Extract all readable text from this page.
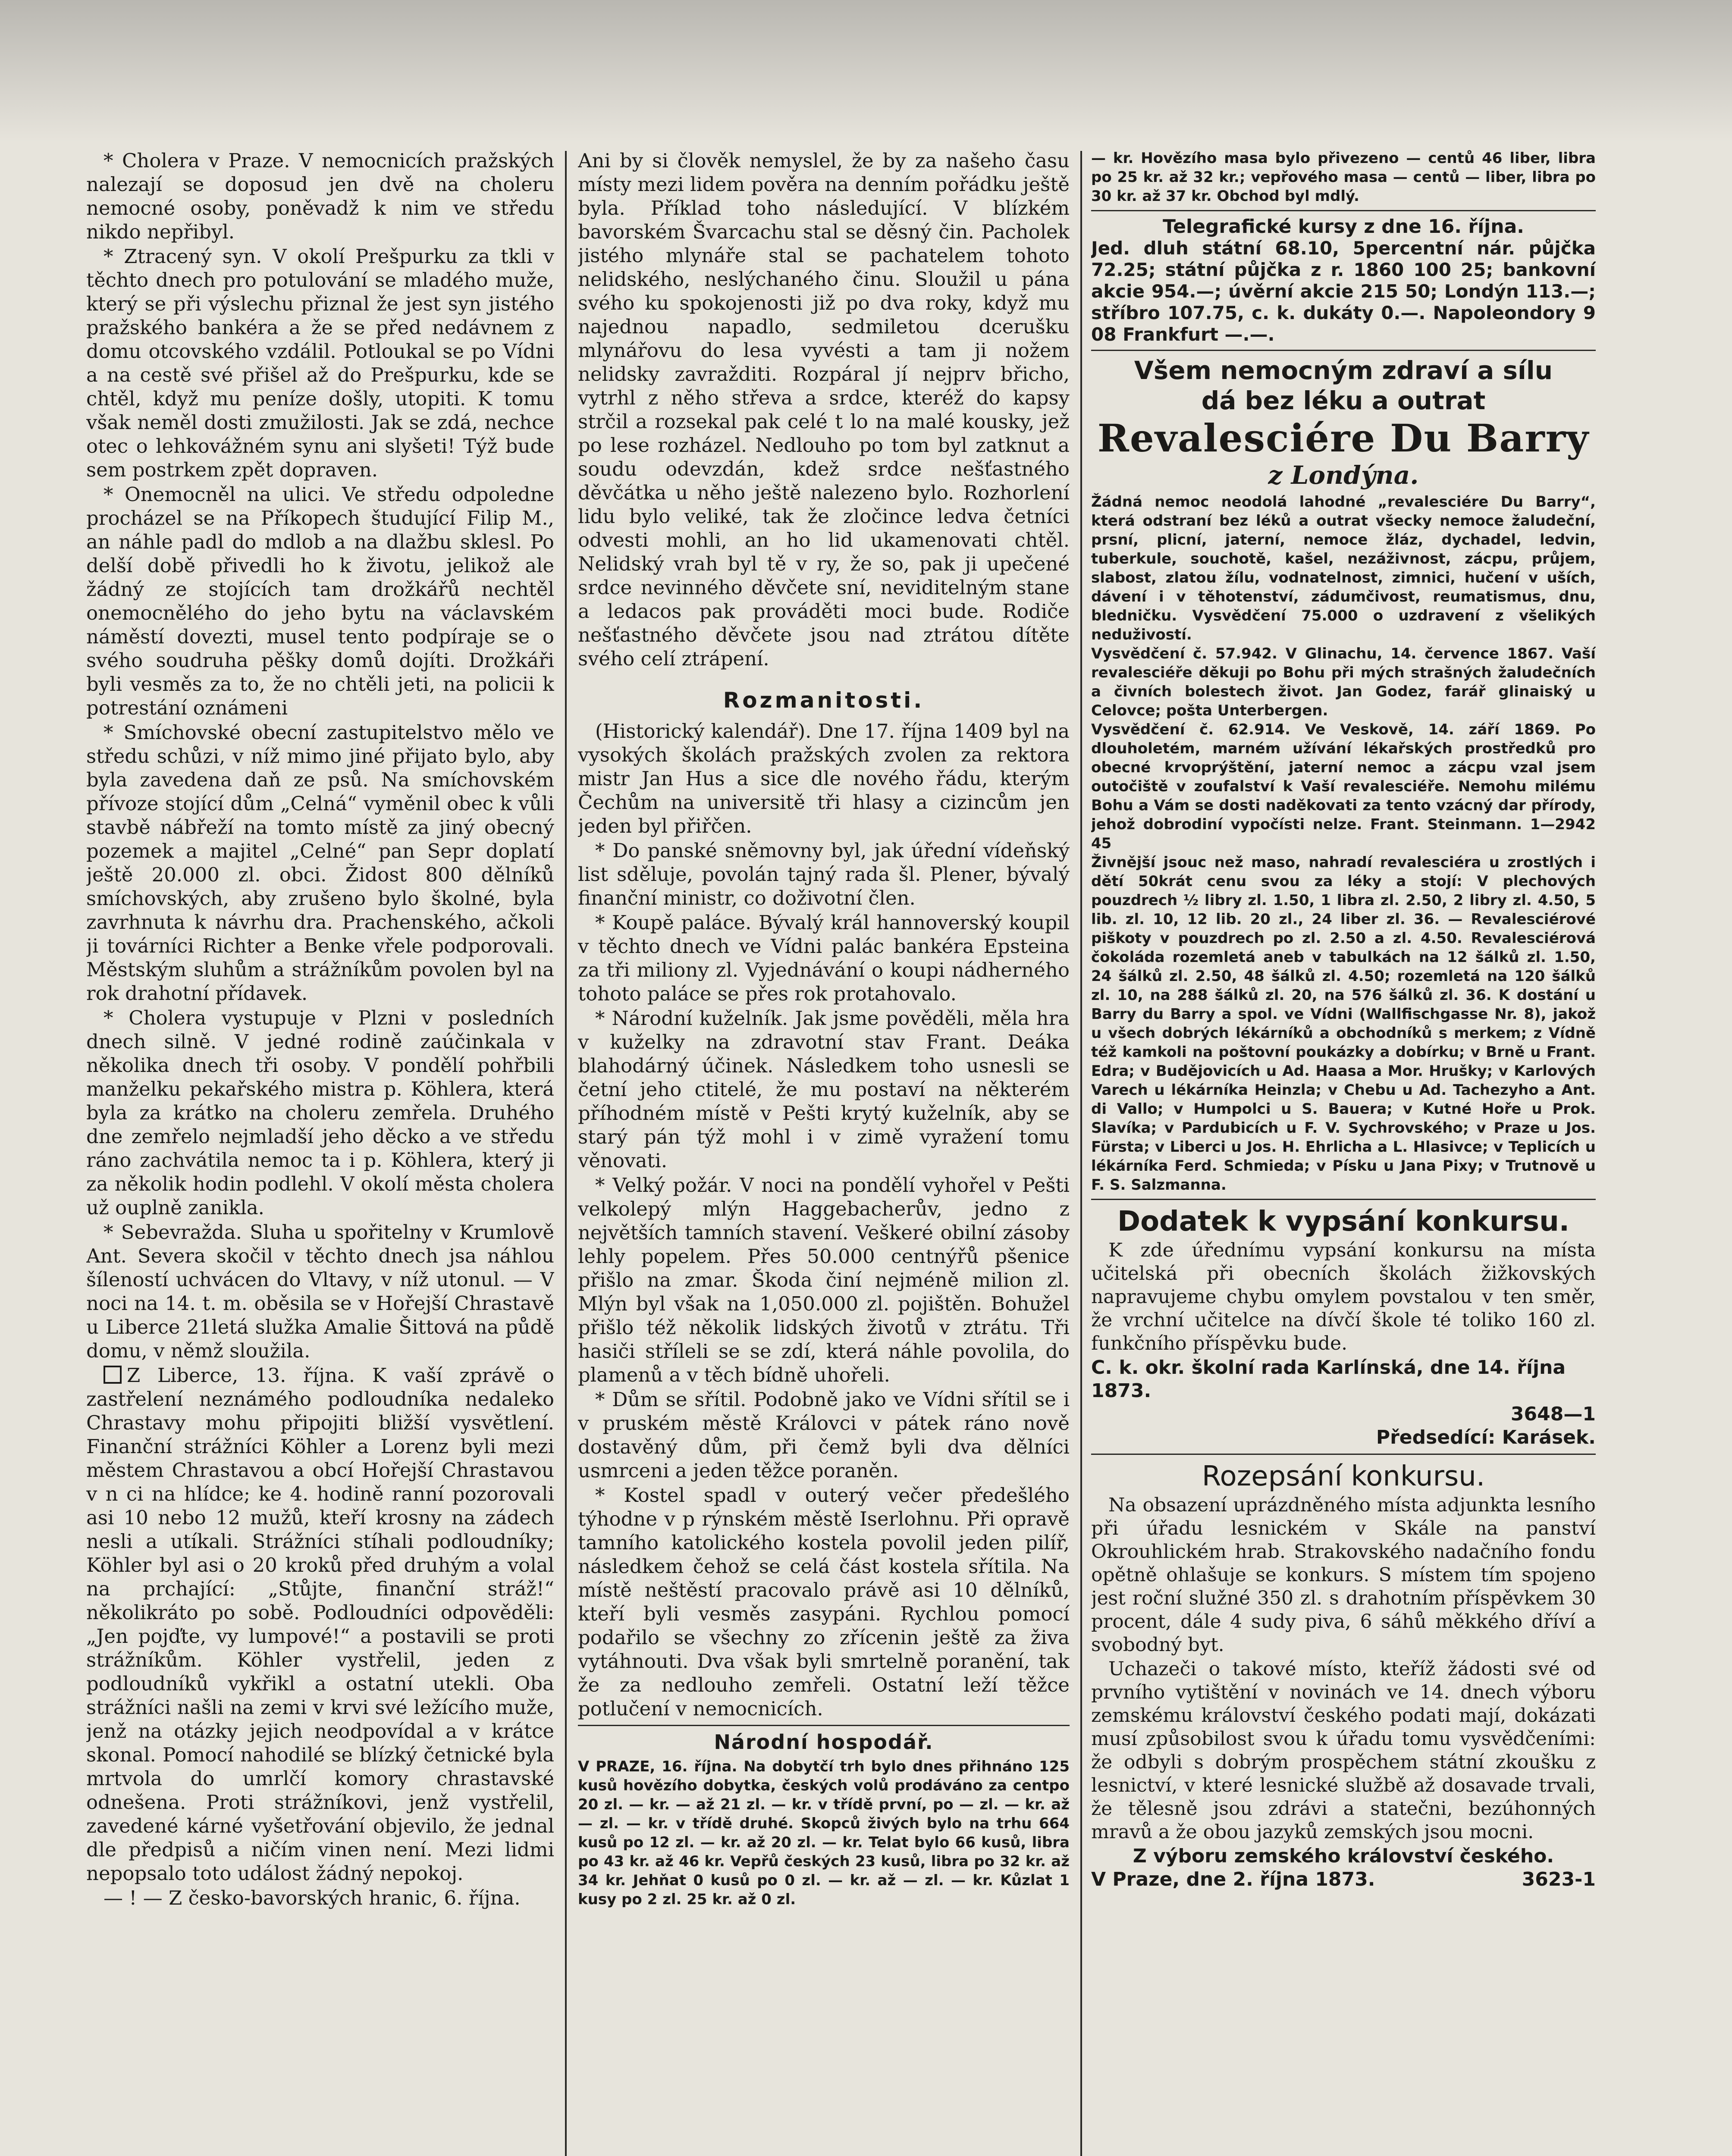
* Cholera v Praze. V nemocnicích pražských nalezají se doposud jen dvě na choleru nemocné osoby, poněvadž k nim ve středu nikdo nepřibyl.

* Ztracený syn. V okolí Prešpurku za tkli v těchto dnech pro potulování se mladého muže, který se při výslechu přiznal že jest syn jistého pražského bankéra a že se před nedávnem z domu otcovského vzdálil. Potloukal se po Vídni a na cestě své přišel až do Prešpurku, kde se chtěl, když mu peníze došly, utopiti. K tomu však neměl dosti zmužilosti. Jak se zdá, nechce otec o lehkovážném synu ani slyšeti! Týž bude sem postrkem zpět dopraven.

* Onemocněl na ulici. Ve středu odpoledne procházel se na Příkopech študující Filip M., an náhle padl do mdlob a na dlažbu sklesl. Po delší době přivedli ho k životu, jelikož ale žádný ze stojících tam drožkářů nechtěl onemocnělého do jeho bytu na václavském náměstí dovezti, musel tento podpíraje se o svého soudruha pěšky domů dojíti. Drožkáři byli vesměs za to, že no chtěli jeti, na policii k potrestání oznámeni

* Smíchovské obecní zastupitelstvo mělo ve středu schůzi, v níž mimo jiné přijato bylo, aby byla zavedena daň ze psů. Na smíchovském přívoze stojící dům „Celná“ vyměnil obec k vůli stavbě nábřeží na tomto místě za jiný obecný pozemek a majitel „Celné“ pan Sepr doplatí ještě 20.000 zl. obci. Židost 800 dělníků smíchovských, aby zrušeno bylo školné, byla zavrhnuta k návrhu dra. Prachenského, ačkoli ji továrníci Richter a Benke vřele podporovali. Městským sluhům a strážníkům povolen byl na rok drahotní přídavek.

* Cholera vystupuje v Plzni v posledních dnech silně. V jedné rodině zaúčinkala v několika dnech tři osoby. V pondělí pohřbili manželku pekařského mistra p. Köhlera, která byla za krátko na choleru zemřela. Druhého dne zemřelo nejmladší jeho děcko a ve středu ráno zachvátila nemoc ta i p. Köhlera, který ji za několik hodin podlehl. V okolí města cholera už ouplně zanikla.

* Sebevražda. Sluha u spořitelny v Krumlově Ant. Severa skočil v těchto dnech jsa náhlou šíleností uchvácen do Vltavy, v níž utonul. — V noci na 14. t. m. oběsila se v Hořejší Chrastavě u Liberce 21letá služka Amalie Šittová na půdě domu, v němž sloužila.

Z Liberce, 13. října. K vaší zprávě o zastřelení neznámého podloudníka nedaleko Chrastavy mohu připojiti bližší vysvětlení. Finanční strážníci Köhler a Lorenz byli mezi městem Chrastavou a obcí Hořejší Chrastavou v n ci na hlídce; ke 4. hodině ranní pozorovali asi 10 nebo 12 mužů, kteří krosny na zádech nesli a utíkali. Strážníci stíhali podloudníky; Köhler byl asi o 20 kroků před druhým a volal na prchající: „Stůjte, finanční stráž!“ několikráto po sobě. Podloudníci odpověděli: „Jen pojďte, vy lumpové!“ a postavili se proti strážníkům. Köhler vystřelil, jeden z podloudníků vykřikl a ostatní utekli. Oba strážníci našli na zemi v krvi své ležícího muže, jenž na otázky jejich neodpovídal a v krátce skonal. Pomocí nahodilé se blízký četnické byla mrtvola do umrlčí komory chrastavské odnešena. Proti strážníkovi, jenž vystřelil, zavedené kárné vyšetřování objevilo, že jednal dle předpisů a ničím vinen není. Mezi lidmi nepopsalo toto událost žádný nepokoj.

— ! — Z česko-bavorských hranic, 6. října.

Ani by si člověk nemyslel, že by za našeho času místy mezi lidem pověra na denním pořádku ještě byla. Příklad toho následující. V blízkém bavorském Švarcachu stal se děsný čin. Pacholek jistého mlynáře stal se pachatelem tohoto nelidského, neslýchaného činu. Sloužil u pána svého ku spokojenosti již po dva roky, když mu najednou napadlo, sedmiletou dcerušku mlynářovu do lesa vyvésti a tam ji nožem nelidsky zavražditi. Rozpáral jí nejprv břicho, vytrhl z něho střeva a srdce, kteréž do kapsy strčil a rozsekal pak celé t lo na malé kousky, jež po lese rozházel. Nedlouho po tom byl zatknut a soudu odevzdán, kdež srdce nešťastného děvčátka u něho ještě nalezeno bylo. Rozhorlení lidu bylo veliké, tak že zločince ledva četníci odvesti mohli, an ho lid ukamenovati chtěl. Nelidský vrah byl tě v ry, že so, pak ji upečené srdce nevinného děvčete sní, neviditelným stane a ledacos pak prováděti moci bude. Rodiče nešťastného děvčete jsou nad ztrátou dítěte svého celí ztrápení.

Rozmanitosti.

(Historický kalendář). Dne 17. října 1409 byl na vysokých školách pražských zvolen za rektora mistr Jan Hus a sice dle nového řádu, kterým Čechům na universitě tři hlasy a cizincům jen jeden byl přiřčen.

* Do panské sněmovny byl, jak úřední vídeňský list sděluje, povolán tajný rada šl. Plener, bývalý finanční ministr, co doživotní člen.

* Koupě paláce. Bývalý král hannoverský koupil v těchto dnech ve Vídni palác bankéra Epsteina za tři miliony zl. Vyjednávání o koupi nádherného tohoto paláce se přes rok protahovalo.

* Národní kuželník. Jak jsme pověděli, měla hra v kuželky na zdravotní stav Frant. Deáka blahodárný účinek. Následkem toho usnesli se četní jeho ctitelé, že mu postaví na některém příhodném místě v Pešti krytý kuželník, aby se starý pán týž mohl i v zimě vyražení tomu věnovati.

* Velký požár. V noci na pondělí vyhořel v Pešti velkolepý mlýn Haggebacherův, jedno z největších tamních stavení. Veškeré obilní zásoby lehly popelem. Přes 50.000 centnýřů pšenice přišlo na zmar. Škoda činí nejméně milion zl. Mlýn byl však na 1,050.000 zl. pojištěn. Bohužel přišlo též několik lidských životů v ztrátu. Tři hasiči stříleli se se zdí, která náhle povolila, do plamenů a v těch bídně uhořeli.

* Dům se sřítil. Podobně jako ve Vídni sřítil se i v pruském městě Královci v pátek ráno nově dostavěný dům, při čemž byli dva dělníci usmrceni a jeden těžce poraněn.

* Kostel spadl v outerý večer předešlého týhodne v p rýnském městě Iserlohnu. Při opravě tamního katolického kostela povolil jeden pilíř, následkem čehož se celá část kostela sřítila. Na místě neštěstí pracovalo právě asi 10 dělníků, kteří byli vesměs zasypáni. Rychlou pomocí podařilo se všechny zo zřícenin ještě za živa vytáhnouti. Dva však byli smrtelně poranění, tak že za nedlouho zemřeli. Ostatní leží těžce potlučení v nemocnicích.

Národní hospodář.

V PRAZE, 16. října. Na dobytčí trh bylo dnes přihnáno 125 kusů hovězího dobytka, českých volů prodáváno za centpo 20 zl. — kr. — až 21 zl. — kr. v třídě první, po — zl. — kr. až — zl. — kr. v třídě druhé. Skopců živých bylo na trhu 664 kusů po 12 zl. — kr. až 20 zl. — kr. Telat bylo 66 kusů, libra po 43 kr. až 46 kr. Vepřů českých 23 kusů, libra po 32 kr. až 34 kr. Jehňat 0 kusů po 0 zl. — kr. až — zl. — kr. Kůzlat 1 kusy po 2 zl. 25 kr. až 0 zl.

— kr. Hovězího masa bylo přivezeno — centů 46 liber, libra po 25 kr. až 32 kr.; vepřového masa — centů — liber, libra po 30 kr. až 37 kr. Obchod byl mdlý.

Telegrafické kursy z dne 16. října.

Jed. dluh státní 68.10, 5percentní nár. půjčka 72.25; státní půjčka z r. 1860 100 25; bankovní akcie 954.—; úvěrní akcie 215 50; Londýn 113.—; stříbro 107.75, c. k. dukáty 0.—. Napoleondory 9 08 Frankfurt —.—.

Všem nemocným zdraví a sílu

dá bez léku a outrat

Revalesciére Du Barry

z Londýna.

Žádná nemoc neodolá lahodné „revalesciére Du Barry“, která odstraní bez léků a outrat všecky nemoce žaludeční, prsní, plicní, jaterní, nemoce žláz, dychadel, ledvin, tuberkule, souchotě, kašel, nezáživnost, zácpu, průjem, slabost, zlatou žílu, vodnatelnost, zimnici, hučení v uších, dávení i v těhotenství, zádumčivost, reumatismus, dnu, bledničku. Vysvědčení 75.000 o uzdravení z všelikých neduživostí.

Vysvědčení č. 57.942. V Glinachu, 14. července 1867. Vaší revalesciéře děkuji po Bohu při mých strašných žaludečních a čivních bolestech život. Jan Godez, farář glinaiský u Celovce; pošta Unterbergen.

Vysvědčení č. 62.914. Ve Veskově, 14. září 1869. Po dlouholetém, marném užívání lékařských prostředků pro obecné krvoprýštění, jaterní nemoc a zácpu vzal jsem outočiště v zoufalství k Vaší revalesciéře. Nemohu milému Bohu a Vám se dosti naděkovati za tento vzácný dar přírody, jehož dobrodiní vypočísti nelze. Frant. Steinmann. 1—2942 45

Živnější jsouc než maso, nahradí revalesciéra u zrostlých i dětí 50krát cenu svou za léky a stojí: V plechových pouzdrech ½ libry zl. 1.50, 1 libra zl. 2.50, 2 libry zl. 4.50, 5 lib. zl. 10, 12 lib. 20 zl., 24 liber zl. 36. — Revalesciérové piškoty v pouzdrech po zl. 2.50 a zl. 4.50. Revalesciérová čokoláda rozemletá aneb v tabulkách na 12 šálků zl. 1.50, 24 šálků zl. 2.50, 48 šálků zl. 4.50; rozemletá na 120 šálků zl. 10, na 288 šálků zl. 20, na 576 šálků zl. 36. K dostání u Barry du Barry a spol. ve Vídni (Wallfischgasse Nr. 8), jakož u všech dobrých lékárníků a obchodníků s merkem; z Vídně též kamkoli na poštovní poukázky a dobírku; v Brně u Frant. Edra; v Budějovicích u Ad. Haasa a Mor. Hrušky; v Karlových Varech u lékárníka Heinzla; v Chebu u Ad. Tachezyho a Ant. di Vallo; v Humpolci u S. Bauera; v Kutné Hoře u Prok. Slavíka; v Pardubicích u F. V. Sychrovského; v Praze u Jos. Fürsta; v Liberci u Jos. H. Ehrlicha a L. Hlasivce; v Teplicích u lékárníka Ferd. Schmieda; v Písku u Jana Pixy; v Trutnově u F. S. Salzmanna.

Dodatek k vypsání konkursu.

K zde úřednímu vypsání konkursu na místa učitelská při obecních školách žižkovských napravujeme chybu omylem povstalou v ten směr, že vrchní učitelce na dívčí škole té toliko 160 zl. funkčního příspěvku bude.

C. k. okr. školní rada Karlínská, dne 14. října 1873.

3648—1

Předsedící: Karásek.

Rozepsání konkursu.

Na obsazení uprázdněného místa adjunkta lesního při úřadu lesnickém v Skále na panství Okrouhlickém hrab. Strakovského nadačního fondu opětně ohlašuje se konkurs. S místem tím spojeno jest roční služné 350 zl. s drahotním příspěvkem 30 procent, dále 4 sudy piva, 6 sáhů měkkého dříví a svobodný byt.

Uchazeči o takové místo, kteříž žádosti své od prvního vytištění v novinách ve 14. dnech výboru zemskému království českého podati mají, dokázati musí způsobilost svou k úřadu tomu vysvědčeními: že odbyli s dobrým prospěchem státní zkoušku z lesnictví, v které lesnické službě až dosavade trvali, že tělesně jsou zdrávi a statečni, bezúhonných mravů a že obou jazyků zemských jsou mocni.

Z výboru zemského království českého.

V Praze, dne 2. října 1873.	3623-1
